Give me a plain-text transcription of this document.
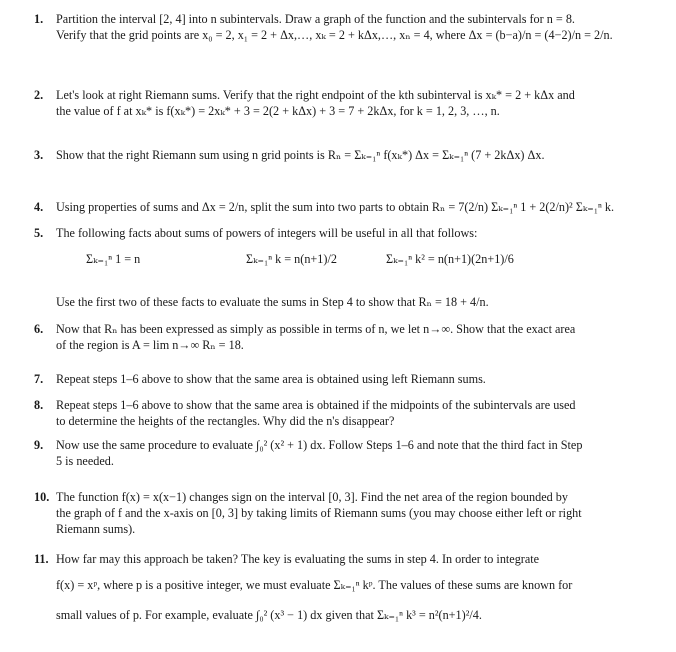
1. Partition the interval [2, 4] into n subintervals. Draw a graph of the function and the subintervals for n = 8.
Verify that the grid points are x₀ = 2, x₁ = 2 + Δx,…, xₖ = 2 + kΔx,…, xₙ = 4, where Δx = (b−a)/n = (4−2)/n = 2/n.
2. Let's look at right Riemann sums. Verify that the right endpoint of the kth subinterval is xₖ* = 2 + kΔx and
the value of f at xₖ* is f(xₖ*) = 2xₖ* + 3 = 2(2 + kΔx) + 3 = 7 + 2kΔx, for k = 1, 2, 3, …, n.
3. Show that the right Riemann sum using n grid points is Rₙ = Σₖ₌₁ⁿ f(xₖ*) Δx = Σₖ₌₁ⁿ (7 + 2kΔx) Δx.
4. Using properties of sums and Δx = 2/n, split the sum into two parts to obtain Rₙ = 7(2/n) Σₖ₌₁ⁿ 1 + 2(2/n)² Σₖ₌₁ⁿ k.
5. The following facts about sums of powers of integers will be useful in all that follows:
Σₖ₌₁ⁿ 1 = n	Σₖ₌₁ⁿ k = n(n+1)/2	Σₖ₌₁ⁿ k² = n(n+1)(2n+1)/6
Use the first two of these facts to evaluate the sums in Step 4 to show that Rₙ = 18 + 4/n.
6. Now that Rₙ has been expressed as simply as possible in terms of n, we let n→∞. Show that the exact area
of the region is A = lim n→∞ Rₙ = 18.
7. Repeat steps 1–6 above to show that the same area is obtained using left Riemann sums.
8. Repeat steps 1–6 above to show that the same area is obtained if the midpoints of the subintervals are used
to determine the heights of the rectangles. Why did the n's disappear?
9. Now use the same procedure to evaluate ∫₀² (x² + 1) dx. Follow Steps 1–6 and note that the third fact in Step
5 is needed.
10. The function f(x) = x(x−1) changes sign on the interval [0, 3]. Find the net area of the region bounded by
the graph of f and the x-axis on [0, 3] by taking limits of Riemann sums (you may choose either left or right
Riemann sums).
11. How far may this approach be taken? The key is evaluating the sums in step 4. In order to integrate
f(x) = xᵖ, where p is a positive integer, we must evaluate Σₖ₌₁ⁿ kᵖ. The values of these sums are known for
small values of p. For example, evaluate ∫₀² (x³ − 1) dx given that Σₖ₌₁ⁿ k³ = n²(n+1)²/4.
